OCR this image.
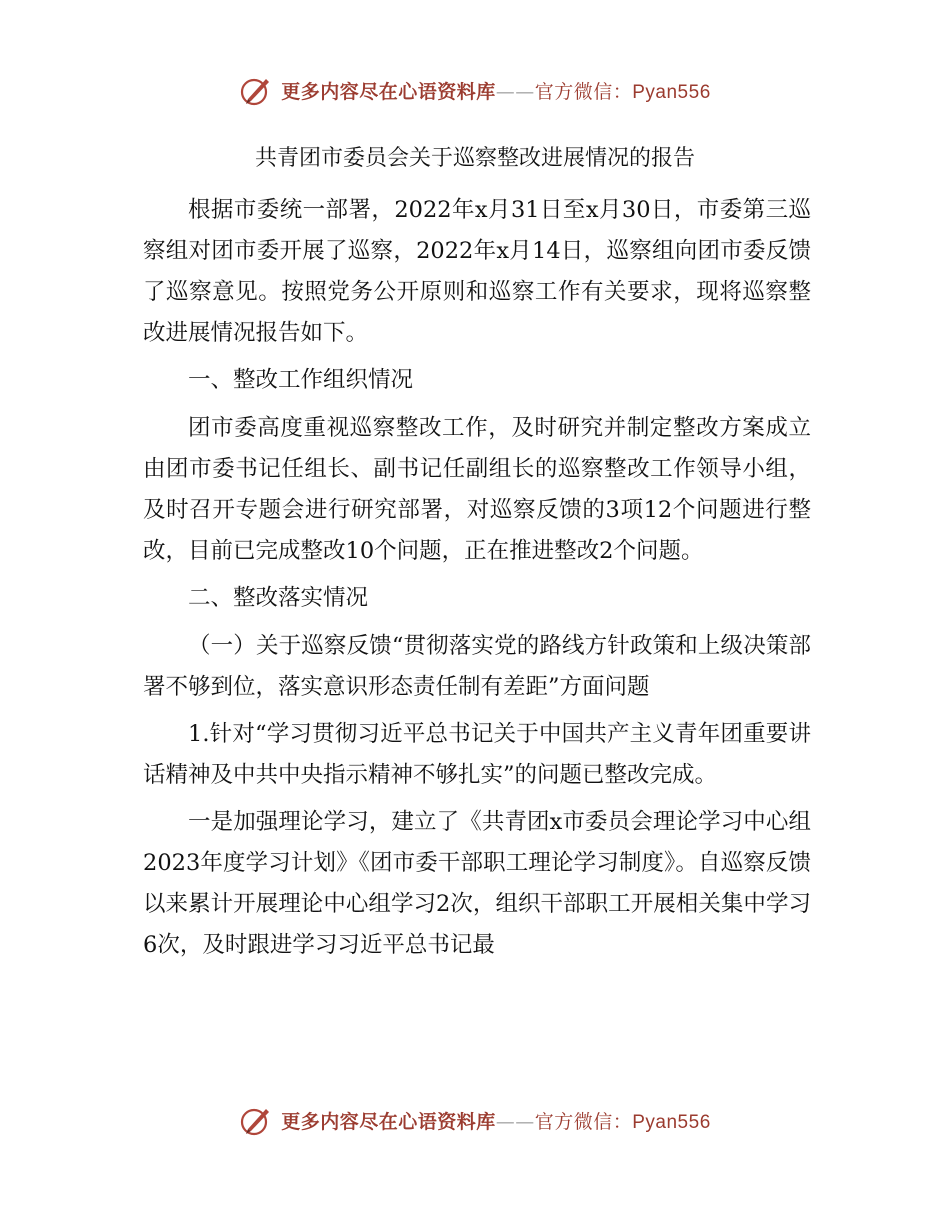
更多内容尽在心语资料库——官方微信：Pyan556
共青团市委员会关于巡察整改进展情况的报告

根据市委统一部署，2022年x月31日至x月30日，市委第三巡察组对团市委开展了巡察，2022年x月14日，巡察组向团市委反馈了巡察意见。按照党务公开原则和巡察工作有关要求，现将巡察整改进展情况报告如下。

一、整改工作组织情况

团市委高度重视巡察整改工作，及时研究并制定整改方案成立由团市委书记任组长、副书记任副组长的巡察整改工作领导小组，及时召开专题会进行研究部署，对巡察反馈的3项12个问题进行整改，目前已完成整改10个问题，正在推进整改2个问题。

二、整改落实情况

（一）关于巡察反馈“贯彻落实党的路线方针政策和上级决策部署不够到位，落实意识形态责任制有差距”方面问题

1.针对“学习贯彻习近平总书记关于中国共产主义青年团重要讲话精神及中共中央指示精神不够扎实”的问题已整改完成。

一是加强理论学习，建立了《共青团x市委员会理论学习中心组2023年度学习计划》《团市委干部职工理论学习制度》。自巡察反馈以来累计开展理论中心组学习2次，组织干部职工开展相关集中学习6次，及时跟进学习习近平总书记最

更多内容尽在心语资料库——官方微信：Pyan556
